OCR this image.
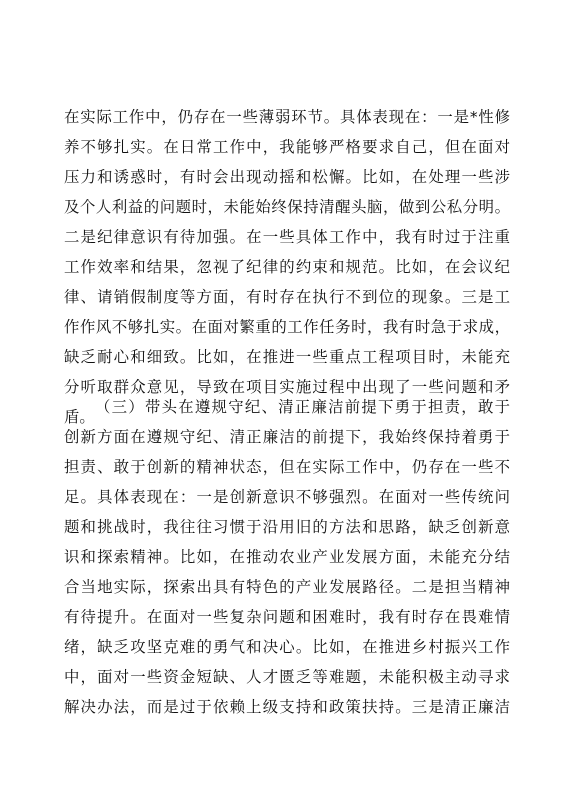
在实际工作中，仍存在一些薄弱环节。具体表现在：一是*性修
养不够扎实。在日常工作中，我能够严格要求自己，但在面对
压力和诱惑时，有时会出现动摇和松懈。比如，在处理一些涉
及个人利益的问题时，未能始终保持清醒头脑，做到公私分明。
二是纪律意识有待加强。在一些具体工作中，我有时过于注重
工作效率和结果，忽视了纪律的约束和规范。比如，在会议纪
律、请销假制度等方面，有时存在执行不到位的现象。三是工
作作风不够扎实。在面对繁重的工作任务时，我有时急于求成，
缺乏耐心和细致。比如，在推进一些重点工程项目时，未能充
分听取群众意见，导致在项目实施过程中出现了一些问题和矛
盾。
（三）带头在遵规守纪、清正廉洁前提下勇于担责，敢于
创新方面在遵规守纪、清正廉洁的前提下，我始终保持着勇于
担责、敢于创新的精神状态，但在实际工作中，仍存在一些不
足。具体表现在：一是创新意识不够强烈。在面对一些传统问
题和挑战时，我往往习惯于沿用旧的方法和思路，缺乏创新意
识和探索精神。比如，在推动农业产业发展方面，未能充分结
合当地实际，探索出具有特色的产业发展路径。二是担当精神
有待提升。在面对一些复杂问题和困难时，我有时存在畏难情
绪，缺乏攻坚克难的勇气和决心。比如，在推进乡村振兴工作
中，面对一些资金短缺、人才匮乏等难题，未能积极主动寻求
解决办法，而是过于依赖上级支持和政策扶持。三是清正廉洁
